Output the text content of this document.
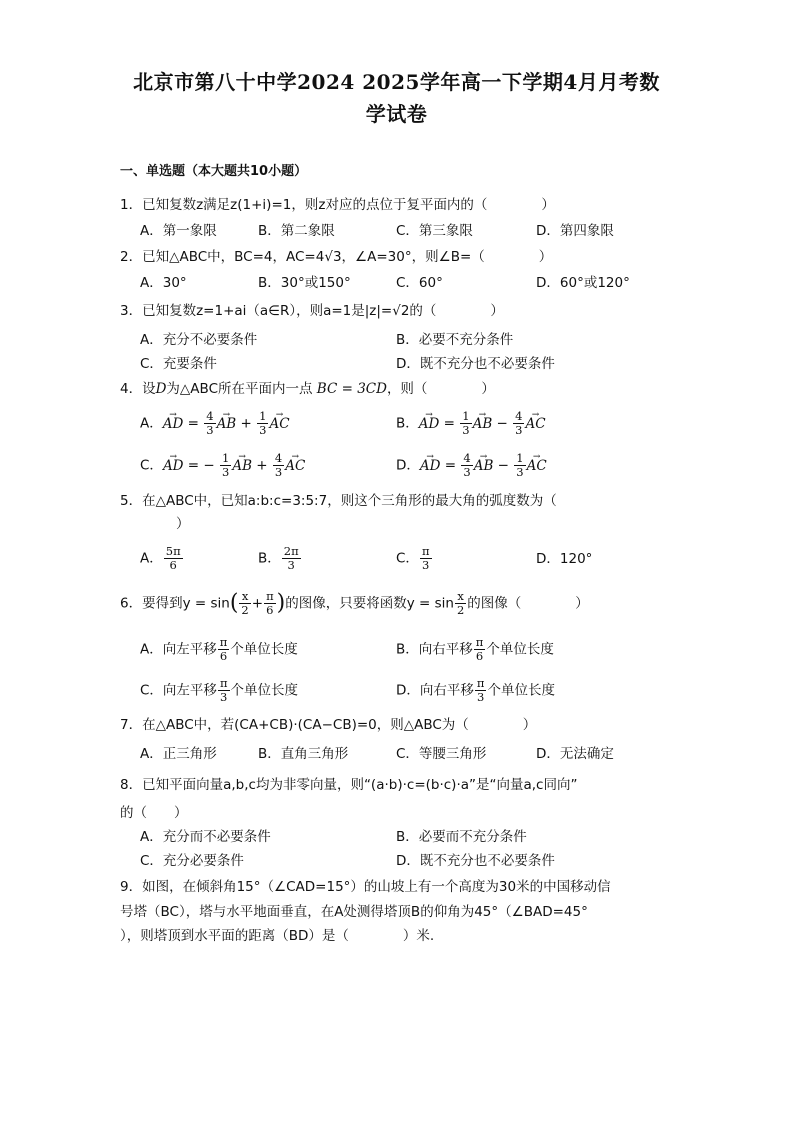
北京市第八十中学2024 2025学年高一下学期4月月考数
学试卷
一、单选题（本大题共10小题）
1．已知复数z满足z(1+i)=1，则z对应的点位于复平面内的（　　　　）
A．第一象限	B．第二象限	C．第三象限	D．第四象限
2．已知△ABC中，BC=4，AC=4√3，∠A=30°，则∠B=（　　　　）
A．30°	B．30°或150°	C．60°	D．60°或120°
3．已知复数z=1+ai（a∈R），则a=1是|z|=√2的（　　　　）
A．充分不必要条件	B．必要不充分条件
C．充要条件	D．既不充分也不必要条件
4．设D为△ABC所在平面内一点 BC = 3CD，则（　　　　）
A．→ AD = $\frac{4}{3}$ → AB + $\frac{1}{3}$ → AC	B．→ AD = $\frac{1}{3}$ → AB − $\frac{4}{3}$ → AC
C．→ AD = − $\frac{1}{3}$ → AB + $\frac{4}{3}$ → AC	D．→ AD = $\frac{4}{3}$ → AB − $\frac{1}{3}$ → AC
5．在△ABC中，已知a:b:c=3:5:7，则这个三角形的最大角的弧度数为（
）
A． $\frac{5\pi}{6}$	B． $\frac{2\pi}{3}$	C． $\frac{\pi}{3}$	D．120°
6．要得到$y = \sin( \frac{x}{2} + \frac{\pi}{6}$ )的图像，只要将函数$y = \sin \frac{x}{2}$ 的图像（　　　　）
A．向左平移 $\frac{\pi}{6}$ 个单位长度	B．向右平移 $\frac{\pi}{6}$ 个单位长度
C．向左平移 $\frac{\pi}{3}$ 个单位长度	D．向右平移 $\frac{\pi}{3}$ 个单位长度
7．在△ABC中，若(CA+CB)·(CA−CB)=0，则△ABC为（　　　　）
A．正三角形	B．直角三角形	C．等腰三角形	D．无法确定
8．已知平面向量a,b,c均为非零向量，则“(a·b)·c=(b·c)·a”是“向量a,c同向”
的（　　）
A．充分而不必要条件	B．必要而不充分条件
C．充分必要条件	D．既不充分也不必要条件
9．如图，在倾斜角15°（∠CAD=15°）的山坡上有一个高度为30米的中国移动信
号塔（BC），塔与水平地面垂直，在A处测得塔顶B的仰角为45°（∠BAD=45°
），则塔顶到水平面的距离（BD）是（　　　　）米.
